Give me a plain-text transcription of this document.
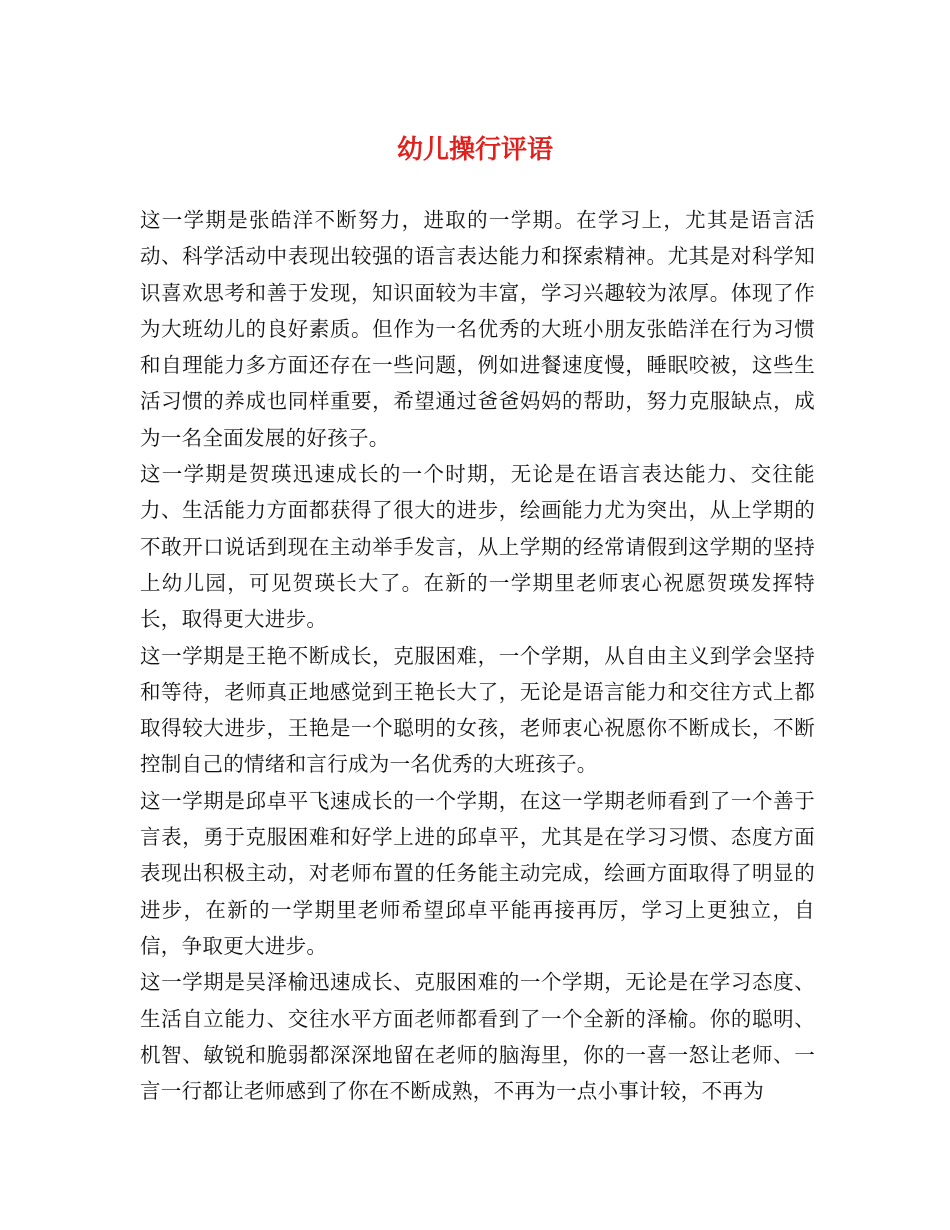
幼儿操行评语

这一学期是张皓洋不断努力，进取的一学期。在学习上，尤其是语言活动、科学活动中表现出较强的语言表达能力和探索精神。尤其是对科学知识喜欢思考和善于发现，知识面较为丰富，学习兴趣较为浓厚。体现了作为大班幼儿的良好素质。但作为一名优秀的大班小朋友张皓洋在行为习惯和自理能力多方面还存在一些问题，例如进餐速度慢，睡眠咬被，这些生活习惯的养成也同样重要，希望通过爸爸妈妈的帮助，努力克服缺点，成为一名全面发展的好孩子。

这一学期是贺瑛迅速成长的一个时期，无论是在语言表达能力、交往能力、生活能力方面都获得了很大的进步，绘画能力尤为突出，从上学期的不敢开口说话到现在主动举手发言，从上学期的经常请假到这学期的坚持上幼儿园，可见贺瑛长大了。在新的一学期里老师衷心祝愿贺瑛发挥特长，取得更大进步。

这一学期是王艳不断成长，克服困难，一个学期，从自由主义到学会坚持和等待，老师真正地感觉到王艳长大了，无论是语言能力和交往方式上都取得较大进步，王艳是一个聪明的女孩，老师衷心祝愿你不断成长，不断控制自己的情绪和言行成为一名优秀的大班孩子。

这一学期是邱卓平飞速成长的一个学期，在这一学期老师看到了一个善于言表，勇于克服困难和好学上进的邱卓平，尤其是在学习习惯、态度方面表现出积极主动，对老师布置的任务能主动完成，绘画方面取得了明显的进步，在新的一学期里老师希望邱卓平能再接再厉，学习上更独立，自信，争取更大进步。

这一学期是吴泽榆迅速成长、克服困难的一个学期，无论是在学习态度、生活自立能力、交往水平方面老师都看到了一个全新的泽榆。你的聪明、机智、敏锐和脆弱都深深地留在老师的脑海里，你的一喜一怒让老师、一言一行都让老师感到了你在不断成熟，不再为一点小事计较，不再为
